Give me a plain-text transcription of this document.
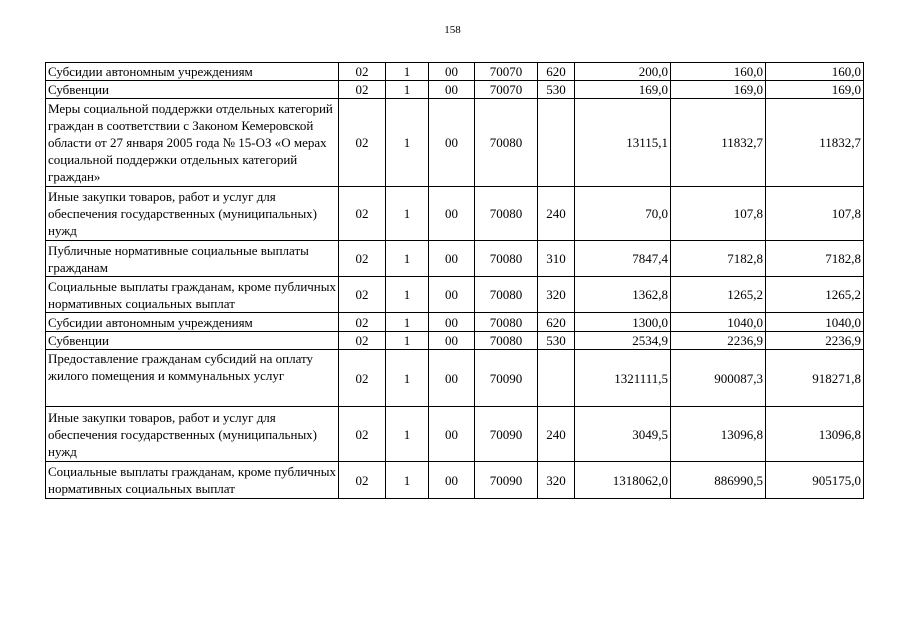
158
Субсидии автономным учреждениям	02	1	00	70070	620	200,0	160,0	160,0
Субвенции	02	1	00	70070	530	169,0	169,0	169,0
Меры социальной поддержки отдельных категорий граждан в соответствии с Законом Кемеровской области от 27 января 2005 года № 15-ОЗ «О мерах социальной поддержки отдельных категорий граждан»	02	1	00	70080		13115,1	11832,7	11832,7
Иные закупки товаров, работ и услуг для обеспечения государственных (муниципальных) нужд	02	1	00	70080	240	70,0	107,8	107,8
Публичные нормативные социальные выплаты гражданам	02	1	00	70080	310	7847,4	7182,8	7182,8
Социальные выплаты гражданам, кроме публичных нормативных социальных выплат	02	1	00	70080	320	1362,8	1265,2	1265,2
Субсидии автономным учреждениям	02	1	00	70080	620	1300,0	1040,0	1040,0
Субвенции	02	1	00	70080	530	2534,9	2236,9	2236,9
Предоставление гражданам субсидий на оплату жилого помещения и коммунальных услуг	02	1	00	70090		1321111,5	900087,3	918271,8
Иные закупки товаров, работ и услуг для обеспечения государственных (муниципальных) нужд	02	1	00	70090	240	3049,5	13096,8	13096,8
Социальные выплаты гражданам, кроме публичных нормативных социальных выплат	02	1	00	70090	320	1318062,0	886990,5	905175,0
